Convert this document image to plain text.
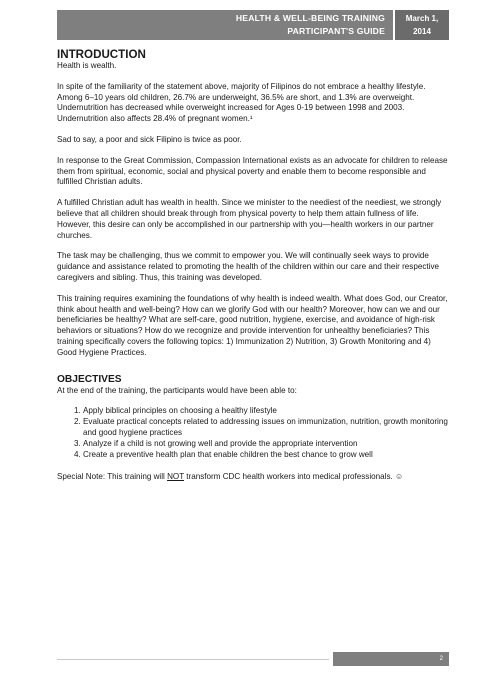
HEALTH & WELL-BEING TRAINING
PARTICIPANT'S GUIDE
March 1,
2014
INTRODUCTION

Health is wealth.

In spite of the familiarity of the statement above, majority of Filipinos do not embrace a healthy lifestyle. Among 6–10 years old children, 26.7% are underweight, 36.5% are short, and 1.3% are overweight. Undernutrition has decreased while overweight increased for Ages 0-19 between 1998 and 2003. Undernutrition also affects 28.4% of pregnant women.¹

Sad to say, a poor and sick Filipino is twice as poor.

In response to the Great Commission, Compassion International exists as an advocate for children to release them from spiritual, economic, social and physical poverty and enable them to become responsible and fulfilled Christian adults.

A fulfilled Christian adult has wealth in health. Since we minister to the neediest of the neediest, we strongly believe that all children should break through from physical poverty to help them attain fullness of life. However, this desire can only be accomplished in our partnership with you—health workers in our partner churches.

The task may be challenging, thus we commit to empower you. We will continually seek ways to provide guidance and assistance related to promoting the health of the children within our care and their respective caregivers and sibling. Thus, this training was developed.

This training requires examining the foundations of why health is indeed wealth. What does God, our Creator, think about health and well-being? How can we glorify God with our health? Moreover, how can we and our beneficiaries be healthy? What are self-care, good nutrition, hygiene, exercise, and avoidance of high-risk behaviors or situations? How do we recognize and provide intervention for unhealthy beneficiaries? This training specifically covers the following topics: 1) Immunization 2) Nutrition, 3) Growth Monitoring and 4) Good Hygiene Practices.

OBJECTIVES
At the end of the training, the participants would have been able to:
1. Apply biblical principles on choosing a healthy lifestyle
2. Evaluate practical concepts related to addressing issues on immunization, nutrition, growth monitoring and good hygiene practices
3. Analyze if a child is not growing well and provide the appropriate intervention
4. Create a preventive health plan that enable children the best chance to grow well
Special Note: This training will NOT transform CDC health workers into medical professionals. ☺
2
